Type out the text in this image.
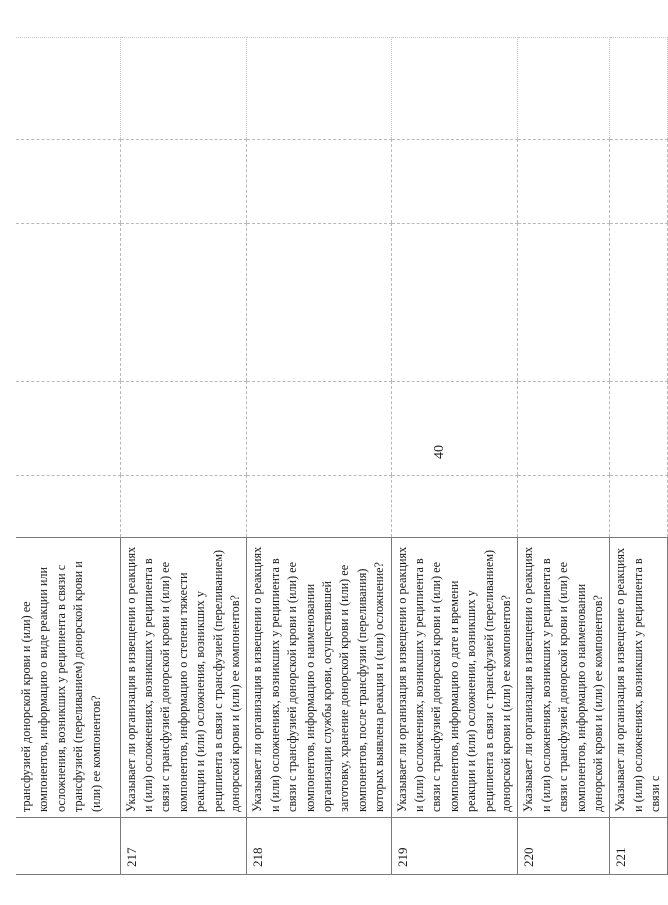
40
	трансфузией донорской крови и (или) ее компонентов, информацию о виде реакции или осложнения, возникших у реципиента в связи с трансфузией (переливанием) донорской крови и (или) ее компонентов?					
217	Указывает ли организация в извещении о реакциях и (или) осложнениях, возникших у реципиента в связи с трансфузией донорской крови и (или) ее компонентов, информацию о степени тяжести реакции и (или) осложнения, возникших у реципиента в связи с трансфузией (переливанием) донорской крови и (или) ее компонентов?					
218	Указывает ли организация в извещении о реакциях и (или) осложнениях, возникших у реципиента в связи с трансфузией донорской крови и (или) ее компонентов, информацию о наименовании организации службы крови, осуществившей заготовку, хранение донорской крови и (или) ее компонентов, после трансфузии (переливания) которых выявлена реакция и (или) осложнение?					
219	Указывает ли организация в извещении о реакциях и (или) осложнениях, возникших у реципиента в связи с трансфузией донорской крови и (или) ее компонентов, информацию о дате и времени реакции и (или) осложнении, возникших у реципиента в связи с трансфузией (переливанием) донорской крови и (или) ее компонентов?					
220	Указывает ли организация в извещении о реакциях и (или) осложнениях, возникших у реципиента в связи с трансфузией донорской крови и (или) ее компонентов, информацию о наименовании донорской крови и (или) ее компонентов?					
221	Указывает ли организация в извещение о реакциях и (или) осложнениях, возникших у реципиента в связи с					
